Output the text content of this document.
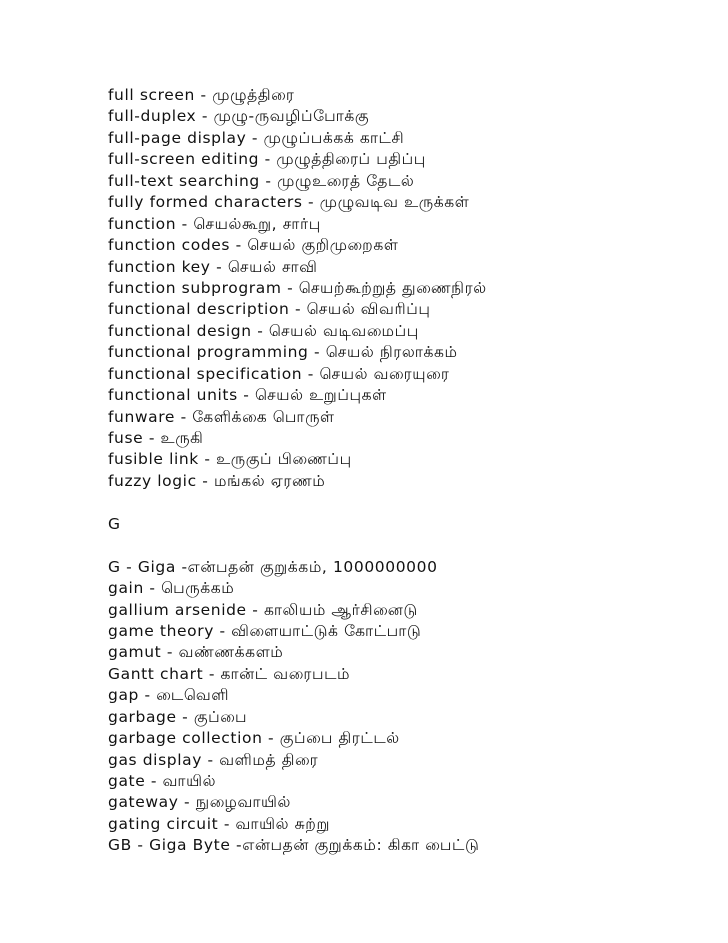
full screen - முழுத்திரை
full-duplex - முழு-ருவழிப்போக்கு
full-page display - முழுப்பக்கக் காட்சி
full-screen editing - முழுத்திரைப் பதிப்பு
full-text searching - முழுஉரைத் தேடல்
fully formed characters - முழுவடிவ உருக்கள்
function - செயல்கூறு, சார்பு
function codes - செயல் குறிமுறைகள்
function key - செயல் சாவி
function subprogram - செயற்கூற்றுத் துணைநிரல்
functional description - செயல் விவரிப்பு
functional design - செயல் வடிவமைப்பு
functional programming - செயல் நிரலாக்கம்
functional specification - செயல் வரையுரை
functional units - செயல் உறுப்புகள்
funware - கேளிக்கை பொருள்
fuse - உருகி
fusible link - உருகுப் பிணைப்பு
fuzzy logic - மங்கல் ஏரணம்
G
G - Giga -என்பதன் குறுக்கம், 1000000000
gain - பெருக்கம்
gallium arsenide - காலியம் ஆர்சினைடு
game theory - விளையாட்டுக் கோட்பாடு
gamut - வண்ணக்களம்
Gantt chart - கான்ட் வரைபடம்
gap - டைவெளி
garbage - குப்பை
garbage collection - குப்பை திரட்டல்
gas display - வளிமத் திரை
gate - வாயில்
gateway - நுழைவாயில்
gating circuit - வாயில் சுற்று
GB - Giga Byte -என்பதன் குறுக்கம்: கிகா பைட்டு
